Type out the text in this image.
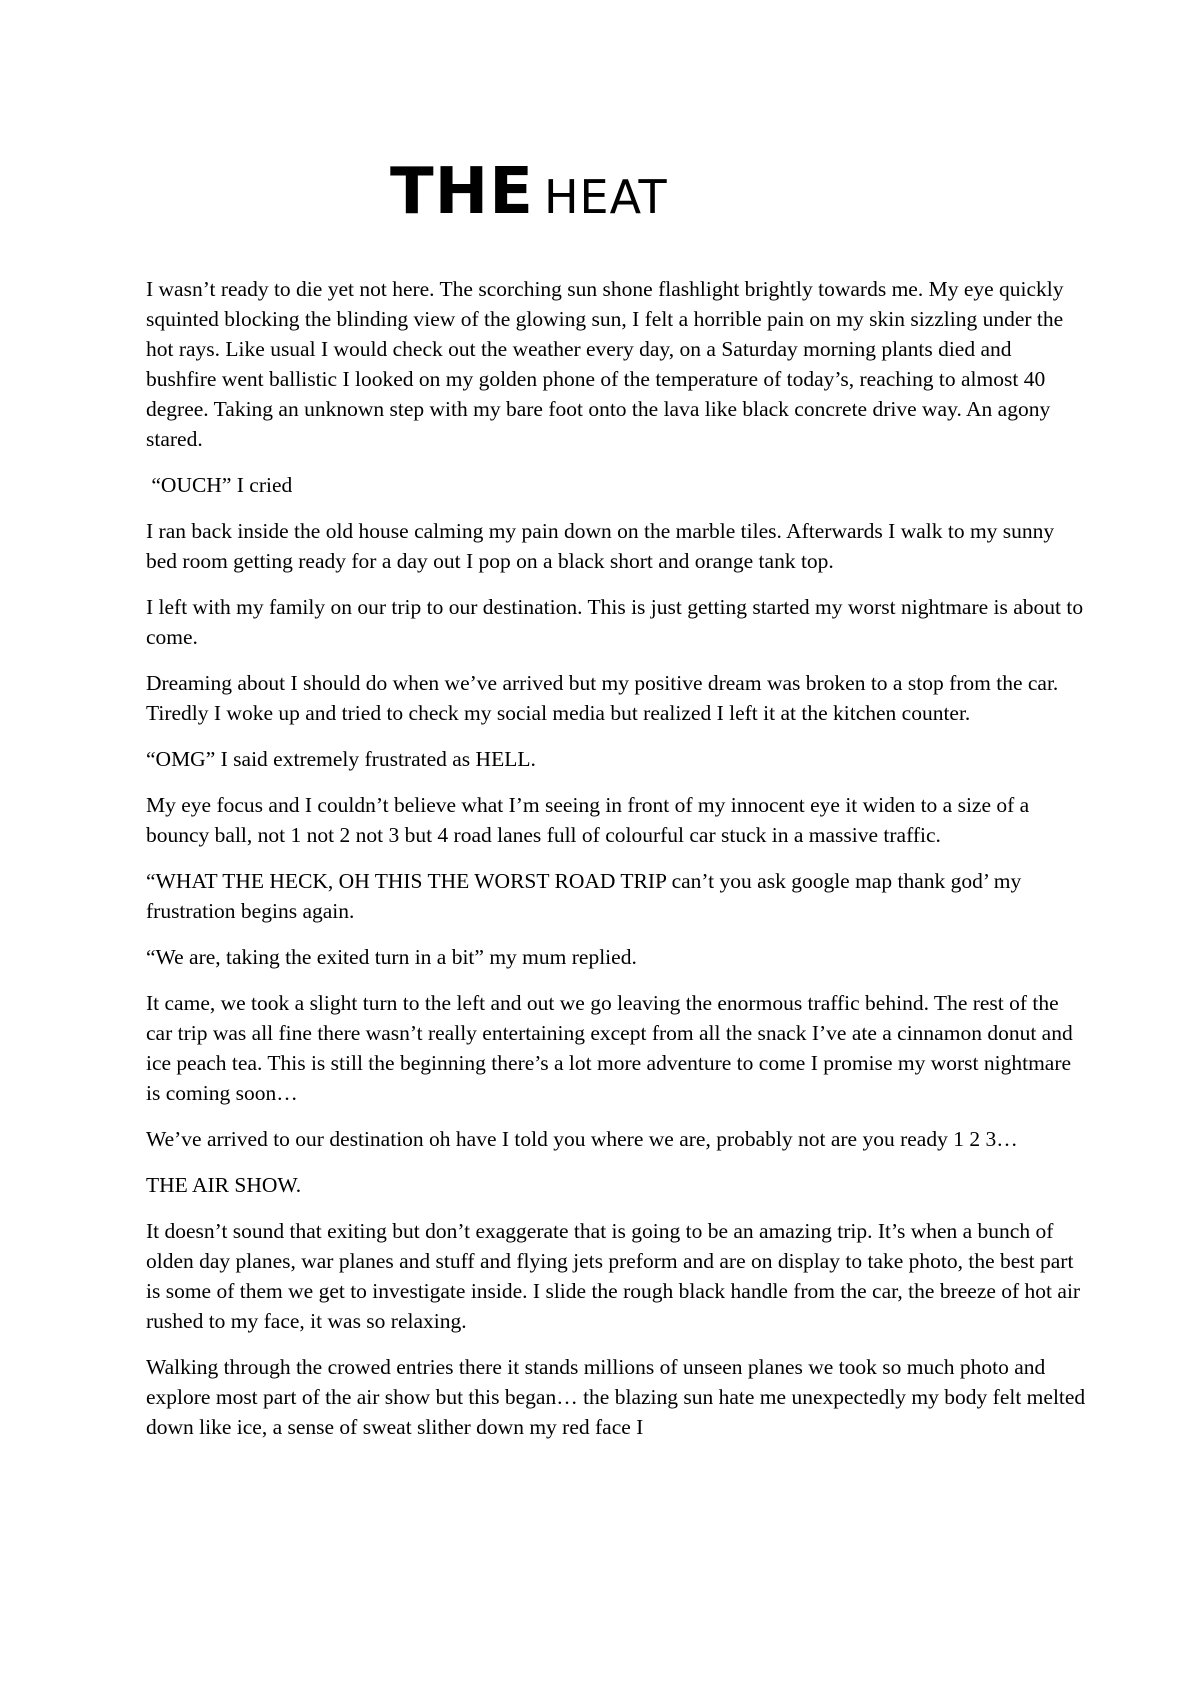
THE HEAT

I wasn’t ready to die yet not here. The scorching sun shone flashlight brightly towards me. My eye quickly squinted blocking the blinding view of the glowing sun, I felt a horrible pain on my skin sizzling under the hot rays. Like usual I would check out the weather every day, on a Saturday morning plants died and bushfire went ballistic I looked on my golden phone of the temperature of today’s, reaching to almost 40 degree. Taking an unknown step with my bare foot onto the lava like black concrete drive way. An agony stared.

“OUCH” I cried

I ran back inside the old house calming my pain down on the marble tiles. Afterwards I walk to my sunny bed room getting ready for a day out I pop on a black short and orange tank top.

I left with my family on our trip to our destination. This is just getting started my worst nightmare is about to come.

Dreaming about I should do when we’ve arrived but my positive dream was broken to a stop from the car. Tiredly I woke up and tried to check my social media but realized I left it at the kitchen counter.

“OMG” I said extremely frustrated as HELL.

My eye focus and I couldn’t believe what I’m seeing in front of my innocent eye it widen to a size of a bouncy ball, not 1 not 2 not 3 but 4 road lanes full of colourful car stuck in a massive traffic.

“WHAT THE HECK, OH THIS THE WORST ROAD TRIP can’t you ask google map thank god’ my frustration begins again.

“We are, taking the exited turn in a bit” my mum replied.

It came, we took a slight turn to the left and out we go leaving the enormous traffic behind. The rest of the car trip was all fine there wasn’t really entertaining except from all the snack I’ve ate a cinnamon donut and ice peach tea. This is still the beginning there’s a lot more adventure to come I promise my worst nightmare is coming soon…

We’ve arrived to our destination oh have I told you where we are, probably not are you ready 1 2 3…

THE AIR SHOW.

It doesn’t sound that exiting but don’t exaggerate that is going to be an amazing trip. It’s when a bunch of olden day planes, war planes and stuff and flying jets preform and are on display to take photo, the best part is some of them we get to investigate inside. I slide the rough black handle from the car, the breeze of hot air rushed to my face, it was so relaxing.

Walking through the crowed entries there it stands millions of unseen planes we took so much photo and explore most part of the air show but this began… the blazing sun hate me unexpectedly my body felt melted down like ice, a sense of sweat slither down my red face I
